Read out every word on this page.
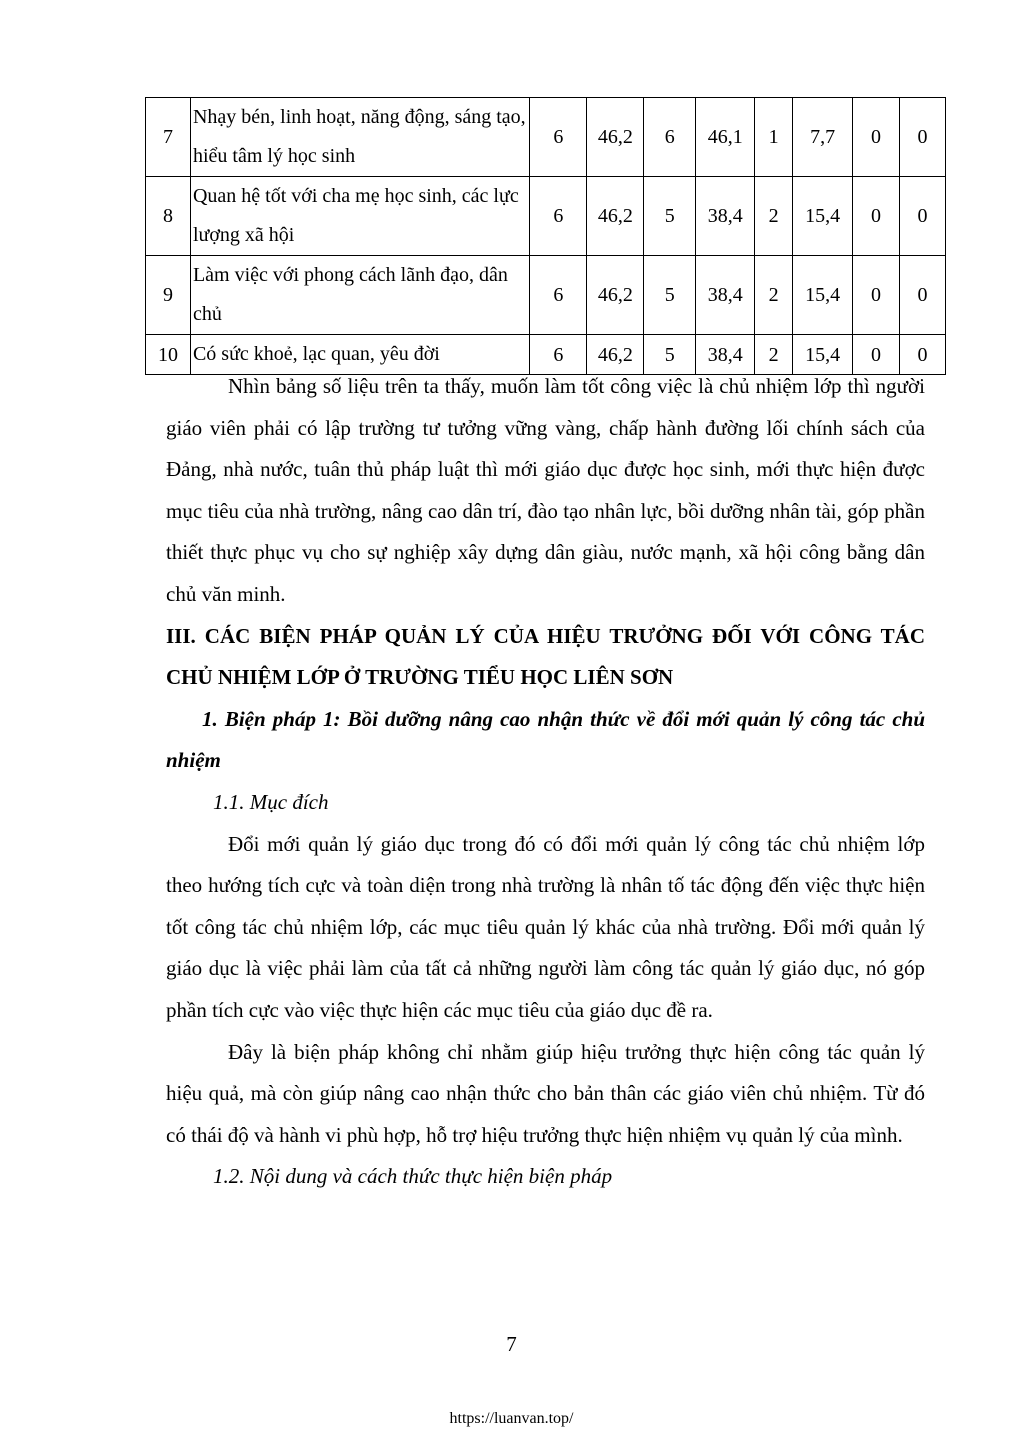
7	Nhạy bén, linh hoạt, năng động, sáng tạo, hiểu tâm lý học sinh	6	46,2	6	46,1	1	7,7	0	0
8	Quan hệ tốt với cha mẹ học sinh, các lực lượng xã hội	6	46,2	5	38,4	2	15,4	0	0
9	Làm việc với phong cách lãnh đạo, dân chủ	6	46,2	5	38,4	2	15,4	0	0
10	Có sức khoẻ, lạc quan, yêu đời	6	46,2	5	38,4	2	15,4	0	0

Nhìn bảng số liệu trên ta thấy, muốn làm tốt công việc là chủ nhiệm lớp thì người giáo viên phải có lập trường tư tưởng vững vàng, chấp hành đường lối chính sách của Đảng, nhà nước, tuân thủ pháp luật thì mới giáo dục được học sinh, mới thực hiện được mục tiêu của nhà trường, nâng cao dân trí, đào tạo nhân lực, bồi dưỡng nhân tài, góp phần thiết thực phục vụ cho sự nghiệp xây dựng dân giàu, nước mạnh, xã hội công bằng dân chủ văn minh.

III. CÁC BIỆN PHÁP QUẢN LÝ CỦA HIỆU TRƯỞNG ĐỐI VỚI CÔNG TÁC CHỦ NHIỆM LỚP Ở TRƯỜNG TIỂU HỌC LIÊN SƠN

1. Biện pháp 1: Bồi dưỡng nâng cao nhận thức về đổi mới quản lý công tác chủ nhiệm

1.1. Mục đích

Đổi mới quản lý giáo dục trong đó có đổi mới quản lý công tác chủ nhiệm lớp theo hướng tích cực và toàn diện trong nhà trường là nhân tố tác động đến việc thực hiện tốt công tác chủ nhiệm lớp, các mục tiêu quản lý khác của nhà trường. Đổi mới quản lý giáo dục là việc phải làm của tất cả những người làm công tác quản lý giáo dục, nó góp phần tích cực vào việc thực hiện các mục tiêu của giáo dục đề ra.

Đây là biện pháp không chỉ nhằm giúp hiệu trưởng thực hiện công tác quản lý hiệu quả, mà còn giúp nâng cao nhận thức cho bản thân các giáo viên chủ nhiệm. Từ đó có thái độ và hành vi phù hợp, hỗ trợ hiệu trưởng thực hiện nhiệm vụ quản lý của mình.

1.2. Nội dung và cách thức thực hiện biện pháp

7
https://luanvan.top/
